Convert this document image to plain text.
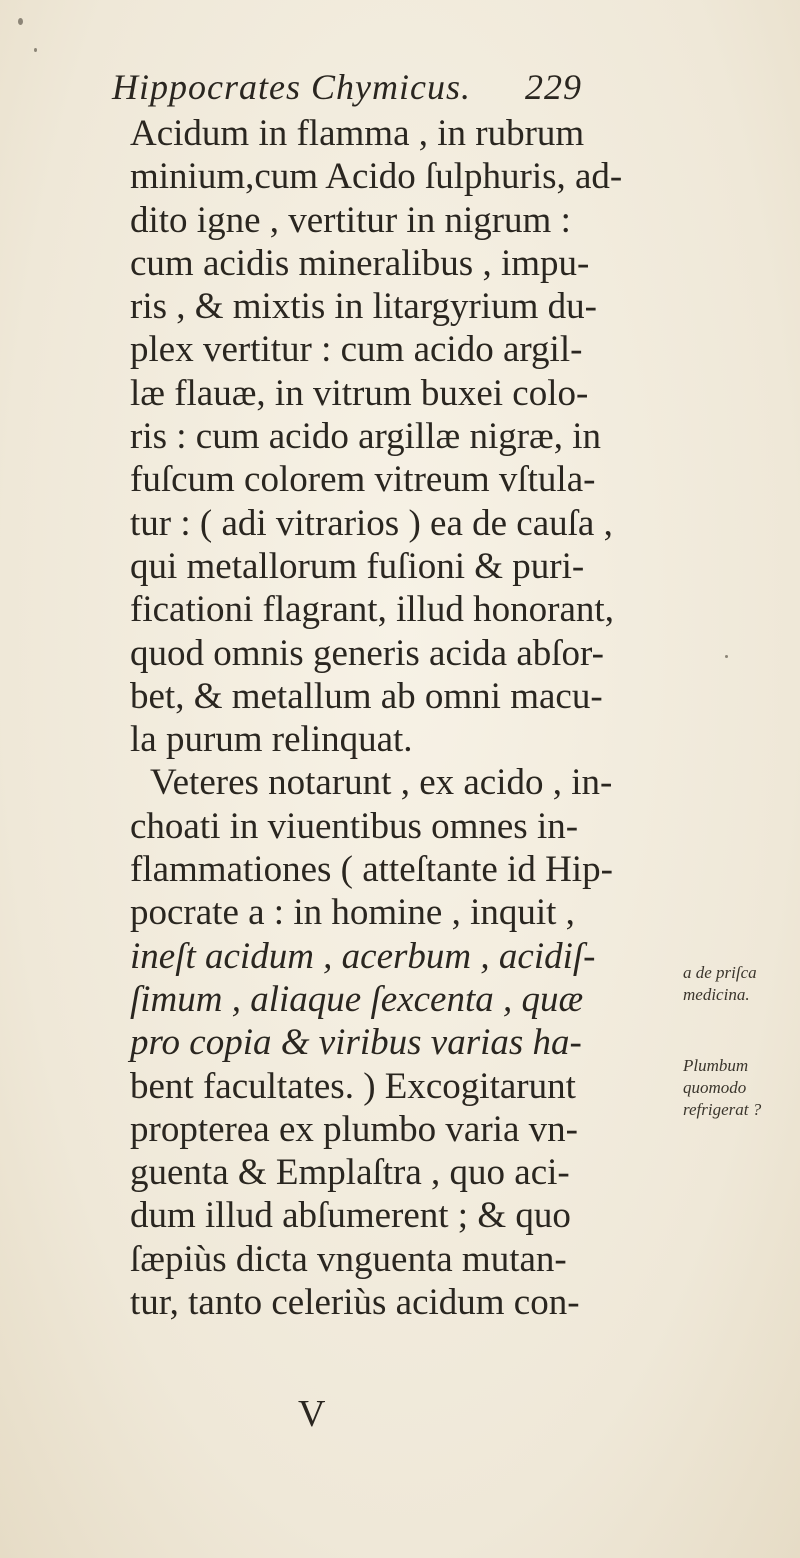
Hippocrates Chymicus. 229
Acidum in flamma , in rubrum
minium,cum Acido ſulphuris, ad-
dito igne , vertitur in nigrum :
cum acidis mineralibus , impu-
ris , & mixtis in litargyrium du-
plex vertitur : cum acido argil-
læ flauæ, in vitrum buxei colo-
ris : cum acido argillæ nigræ, in
fuſcum colorem vitreum vſtula-
tur : ( adi vitrarios ) ea de cauſa ,
qui metallorum fuſioni & puri-
ficationi flagrant, illud honorant,
quod omnis generis acida abſor-
bet, & metallum ab omni macu-
la purum relinquat.
Veteres notarunt , ex acido , in-
choati in viuentibus omnes in-
flammationes ( atteſtante id Hip-
pocrate a : in homine , inquit ,
ineſt acidum , acerbum , acidiſ-
ſimum , aliaque ſexcenta , quæ
pro copia & viribus varias ha-
bent facultates. ) Excogitarunt
propterea ex plumbo varia vn-
guenta & Emplaſtra , quo aci-
dum illud abſumerent ; & quo
ſæpiùs dicta vnguenta mutan-
tur, tanto celeriùs acidum con-
V
a de priſca
medicina.
Plumbum
quomodo
refrigerat ?
